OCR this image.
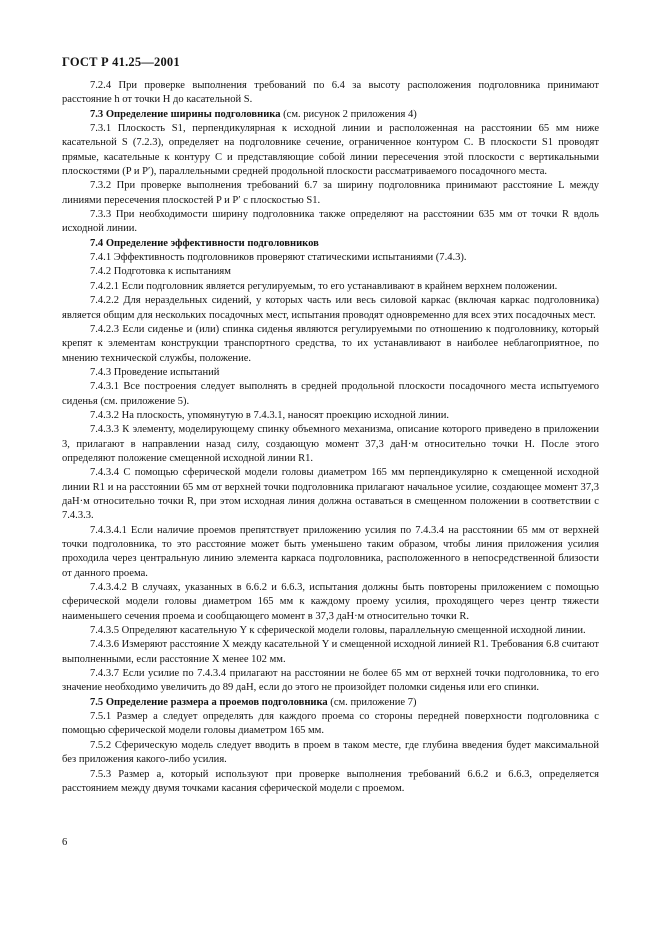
ГОСТ Р 41.25—2001

7.2.4 При проверке выполнения требований по 6.4 за высоту расположения подголовника принимают расстояние h от точки H до касательной S.

7.3 Определение ширины подголовника (см. рисунок 2 приложения 4)

7.3.1 Плоскость S1, перпендикулярная к исходной линии и расположенная на расстоянии 65 мм ниже касательной S (7.2.3), определяет на подголовнике сечение, ограниченное контуром C. В плоскости S1 проводят прямые, касательные к контуру C и представляющие собой линии пересечения этой плоскости с вертикальными плоскостями (P и P′), параллельными средней продольной плоскости рассматриваемого посадочного места.

7.3.2 При проверке выполнения требований 6.7 за ширину подголовника принимают расстояние L между линиями пересечения плоскостей P и P′ с плоскостью S1.

7.3.3 При необходимости ширину подголовника также определяют на расстоянии 635 мм от точки R вдоль исходной линии.

7.4 Определение эффективности подголовников

7.4.1 Эффективность подголовников проверяют статическими испытаниями (7.4.3).

7.4.2 Подготовка к испытаниям

7.4.2.1 Если подголовник является регулируемым, то его устанавливают в крайнем верхнем положении.

7.4.2.2 Для нераздельных сидений, у которых часть или весь силовой каркас (включая каркас подголовника) является общим для нескольких посадочных мест, испытания проводят одновременно для всех этих посадочных мест.

7.4.2.3 Если сиденье и (или) спинка сиденья являются регулируемыми по отношению к подголовнику, который крепят к элементам конструкции транспортного средства, то их устанавливают в наиболее неблагоприятное, по мнению технической службы, положение.

7.4.3 Проведение испытаний

7.4.3.1 Все построения следует выполнять в средней продольной плоскости посадочного места испытуемого сиденья (см. приложение 5).

7.4.3.2 На плоскость, упомянутую в 7.4.3.1, наносят проекцию исходной линии.

7.4.3.3 К элементу, моделирующему спинку объемного механизма, описание которого приведено в приложении 3, прилагают в направлении назад силу, создающую момент 37,3 даН·м относительно точки H. После этого определяют положение смещенной исходной линии R1.

7.4.3.4 С помощью сферической модели головы диаметром 165 мм перпендикулярно к смещенной исходной линии R1 и на расстоянии 65 мм от верхней точки подголовника прилагают начальное усилие, создающее момент 37,3 даН·м относительно точки R, при этом исходная линия должна оставаться в смещенном положении в соответствии с 7.4.3.3.

7.4.3.4.1 Если наличие проемов препятствует приложению усилия по 7.4.3.4 на расстоянии 65 мм от верхней точки подголовника, то это расстояние может быть уменьшено таким образом, чтобы линия приложения усилия проходила через центральную линию элемента каркаса подголовника, расположенного в непосредственной близости от данного проема.

7.4.3.4.2 В случаях, указанных в 6.6.2 и 6.6.3, испытания должны быть повторены приложением с помощью сферической модели головы диаметром 165 мм к каждому проему усилия, проходящего через центр тяжести наименьшего сечения проема и сообщающего момент в 37,3 даН·м относительно точки R.

7.4.3.5 Определяют касательную Y к сферической модели головы, параллельную смещенной исходной линии.

7.4.3.6 Измеряют расстояние X между касательной Y и смещенной исходной линией R1. Требования 6.8 считают выполненными, если расстояние X менее 102 мм.

7.4.3.7 Если усилие по 7.4.3.4 прилагают на расстоянии не более 65 мм от верхней точки подголовника, то его значение необходимо увеличить до 89 даН, если до этого не произойдет поломки сиденья или его спинки.

7.5 Определение размера a проемов подголовника (см. приложение 7)

7.5.1 Размер a следует определять для каждого проема со стороны передней поверхности подголовника с помощью сферической модели головы диаметром 165 мм.

7.5.2 Сферическую модель следует вводить в проем в таком месте, где глубина введения будет максимальной без приложения какого-либо усилия.

7.5.3 Размер a, который используют при проверке выполнения требований 6.6.2 и 6.6.3, определяется расстоянием между двумя точками касания сферической модели с проемом.

6
